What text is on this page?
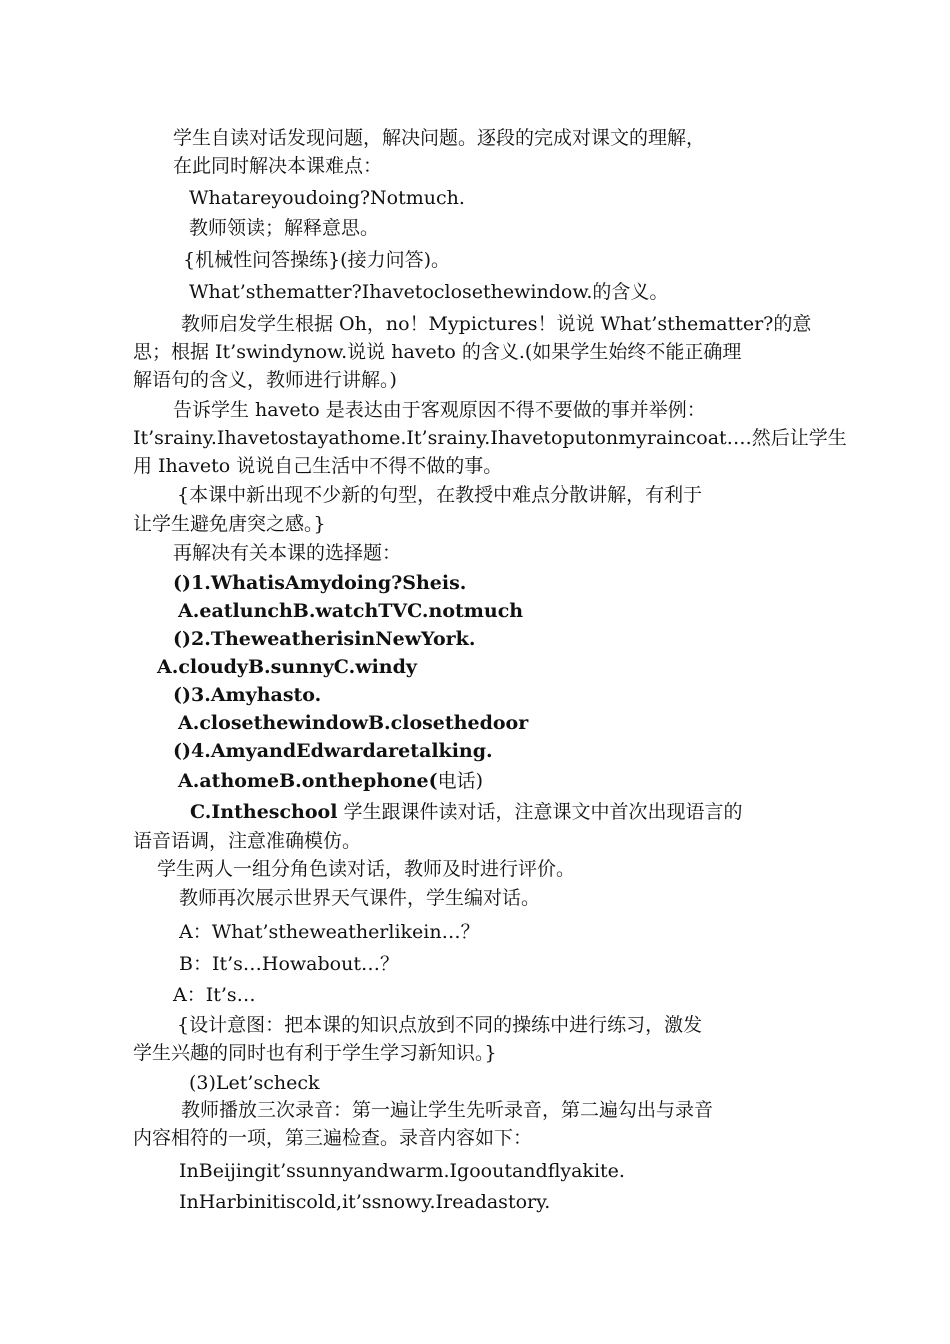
学生自读对话发现问题，解决问题。逐段的完成对课文的理解，
在此同时解决本课难点：
Whatareyoudoing?Notmuch.
教师领读；解释意思。
{机械性问答操练}(接力问答)。
What’sthematter?Ihavetoclosethewindow.的含义。
教师启发学生根据 Oh，no！Mypictures！说说 What’sthematter?的意
思；根据 It’swindynow.说说 haveto 的含义.(如果学生始终不能正确理
解语句的含义，教师进行讲解。)
告诉学生 haveto 是表达由于客观原因不得不要做的事并举例：
It’srainy.Ihavetostayathome.It’srainy.Ihavetoputonmyraincoat….然后让学生
用 Ihaveto 说说自己生活中不得不做的事。
{本课中新出现不少新的句型，在教授中难点分散讲解，有利于
让学生避免唐突之感。}
再解决有关本课的选择题：
()1.WhatisAmydoing?Sheis.
A.eatlunchB.watchTVC.notmuch
()2.TheweatherisinNewYork.
A.cloudyB.sunnyC.windy
()3.Amyhasto.
A.closethewindowB.closethedoor
()4.AmyandEdwardaretalking.
A.athomeB.onthephone(电话)
C.Intheschool 学生跟课件读对话，注意课文中首次出现语言的
语音语调，注意准确模仿。
学生两人一组分角色读对话，教师及时进行评价。
教师再次展示世界天气课件，学生编对话。
A：What’stheweatherlikein…？
B：It’s…Howabout…？
A：It’s…
{设计意图：把本课的知识点放到不同的操练中进行练习，激发
学生兴趣的同时也有利于学生学习新知识。}
(3)Let’scheck
教师播放三次录音：第一遍让学生先听录音，第二遍勾出与录音
内容相符的一项，第三遍检查。录音内容如下：
InBeijingit’ssunnyandwarm.Igooutandflyakite.
InHarbinitiscold,it’ssnowy.Ireadastory.
